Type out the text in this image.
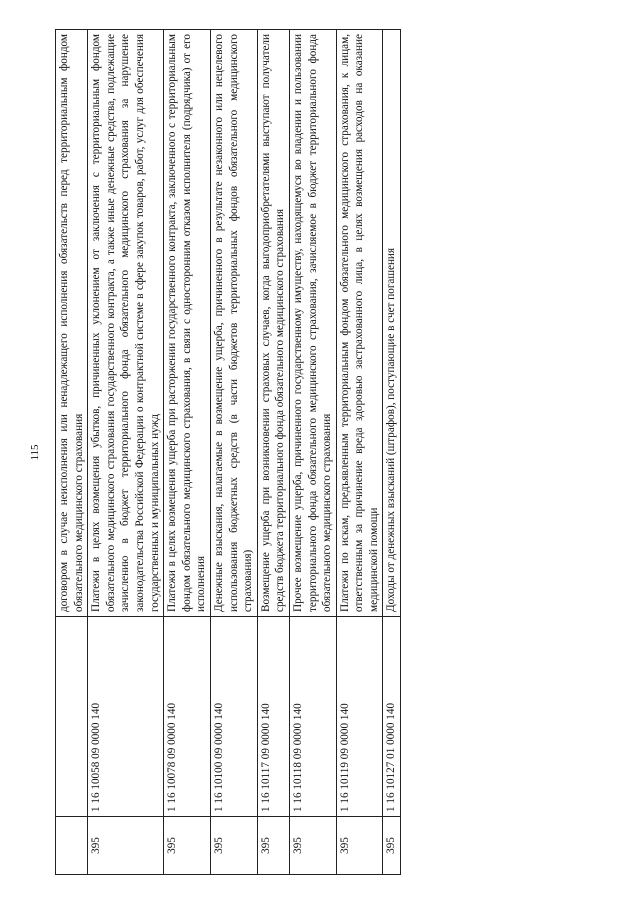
115
		договором в случае неисполнения или ненадлежащего исполнения обязательств перед территориальным фондом обязательного медицинского страхования
395	1 16 10058 09 0000 140	Платежи в целях возмещения убытков, причиненных уклонением от заключения с территориальным фондом обязательного медицинского страхования государственного контракта, а также иные денежные средства, подлежащие зачислению в бюджет территориального фонда обязательного медицинского страхования за нарушение законодательства Российской Федерации о контрактной системе в сфере закупок товаров, работ, услуг для обеспечения государственных и муниципальных нужд
395	1 16 10078 09 0000 140	Платежи в целях возмещения ущерба при расторжении государственного контракта, заключенного с территориальным фондом обязательного медицинского страхования, в связи с односторонним отказом исполнителя (подрядчика) от его исполнения
395	1 16 10100 09 0000 140	Денежные взыскания, налагаемые в возмещение ущерба, причиненного в результате незаконного или нецелевого использования бюджетных средств (в части бюджетов территориальных фондов обязательного медицинского страхования)
395	1 16 10117 09 0000 140	Возмещение ущерба при возникновении страховых случаев, когда выгодоприобретателями выступают получатели средств бюджета территориального фонда обязательного медицинского страхования
395	1 16 10118 09 0000 140	Прочее возмещение ущерба, причиненного государственному имуществу, находящемуся во владении и пользовании территориального фонда обязательного медицинского страхования, зачисляемое в бюджет территориального фонда обязательного медицинского страхования
395	1 16 10119 09 0000 140	Платежи по искам, предъявленным территориальным фондом обязательного медицинского страхования, к лицам, ответственным за причинение вреда здоровью застрахованного лица, в целях возмещения расходов на оказание медицинской помощи
395	1 16 10127 01 0000 140	Доходы от денежных взысканий (штрафов), поступающие в счет погашения
